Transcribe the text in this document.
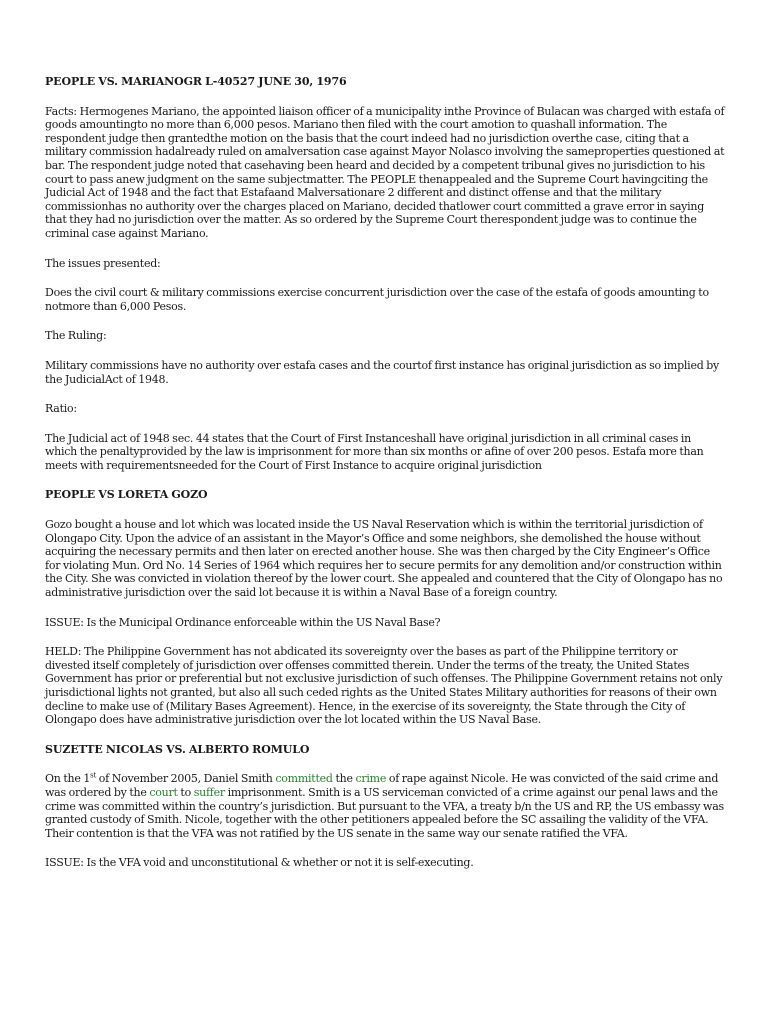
PEOPLE VS. MARIANOGR L-40527 JUNE 30, 1976

Facts: Hermogenes Mariano, the appointed liaison officer of a municipality inthe Province of Bulacan was charged with estafa of goods amountingto no more than 6,000 pesos. Mariano then filed with the court amotion to quashall information. The respondent judge then grantedthe motion on the basis that the court indeed had no jurisdiction overthe case, citing that a military commission hadalready ruled on amalversation case against Mayor Nolasco involving the sameproperties questioned at bar. The respondent judge noted that casehaving been heard and decided by a competent tribunal gives no jurisdiction to his court to pass anew judgment on the same subjectmatter. The PEOPLE thenappealed and the Supreme Court havingciting the Judicial Act of 1948 and the fact that Estafaand Malversationare 2 different and distinct offense and that the military commissionhas no authority over the charges placed on Mariano, decided thatlower court committed a grave error in saying that they had no jurisdiction over the matter. As so ordered by the Supreme Court therespondent judge was to continue the criminal case against Mariano.

The issues presented:

Does the civil court & military commissions exercise concurrent jurisdiction over the case of the estafa of goods amounting to notmore than 6,000 Pesos.

The Ruling:

Military commissions have no authority over estafa cases and the courtof first instance has original jurisdiction as so implied by the JudicialAct of 1948.

Ratio:

The Judicial act of 1948 sec. 44 states that the Court of First Instanceshall have original jurisdiction in all criminal cases in which the penaltyprovided by the law is imprisonment for more than six months or afine of over 200 pesos. Estafa more than meets with requirementsneeded for the Court of First Instance to acquire original jurisdiction

PEOPLE VS LORETA GOZO

Gozo bought a house and lot which was located inside the US Naval Reservation which is within the territorial jurisdiction of Olongapo City. Upon the advice of an assistant in the Mayor’s Office and some neighbors, she demolished the house without acquiring the necessary permits and then later on erected another house. She was then charged by the City Engineer’s Office for violating Mun. Ord No. 14 Series of 1964 which requires her to secure permits for any demolition and/or construction within the City. She was convicted in violation thereof by the lower court. She appealed and countered that the City of Olongapo has no administrative jurisdiction over the said lot because it is within a Naval Base of a foreign country.

ISSUE: Is the Municipal Ordinance enforceable within the US Naval Base?

HELD: The Philippine Government has not abdicated its sovereignty over the bases as part of the Philippine territory or divested itself completely of jurisdiction over offenses committed therein. Under the terms of the treaty, the United States Government has prior or preferential but not exclusive jurisdiction of such offenses. The Philippine Government retains not only jurisdictional lights not granted, but also all such ceded rights as the United States Military authorities for reasons of their own decline to make use of (Military Bases Agreement). Hence, in the exercise of its sovereignty, the State through the City of Olongapo does have administrative jurisdiction over the lot located within the US Naval Base.

SUZETTE NICOLAS VS. ALBERTO ROMULO

On the 1st of November 2005, Daniel Smith committed the crime of rape against Nicole. He was convicted of the said crime and was ordered by the court to suffer imprisonment. Smith is a US serviceman convicted of a crime against our penal laws and the crime was committed within the country’s jurisdiction. But pursuant to the VFA, a treaty b/n the US and RP, the US embassy was granted custody of Smith. Nicole, together with the other petitioners appealed before the SC assailing the validity of the VFA. Their contention is that the VFA was not ratified by the US senate in the same way our senate ratified the VFA.

ISSUE: Is the VFA void and unconstitutional & whether or not it is self-executing.
